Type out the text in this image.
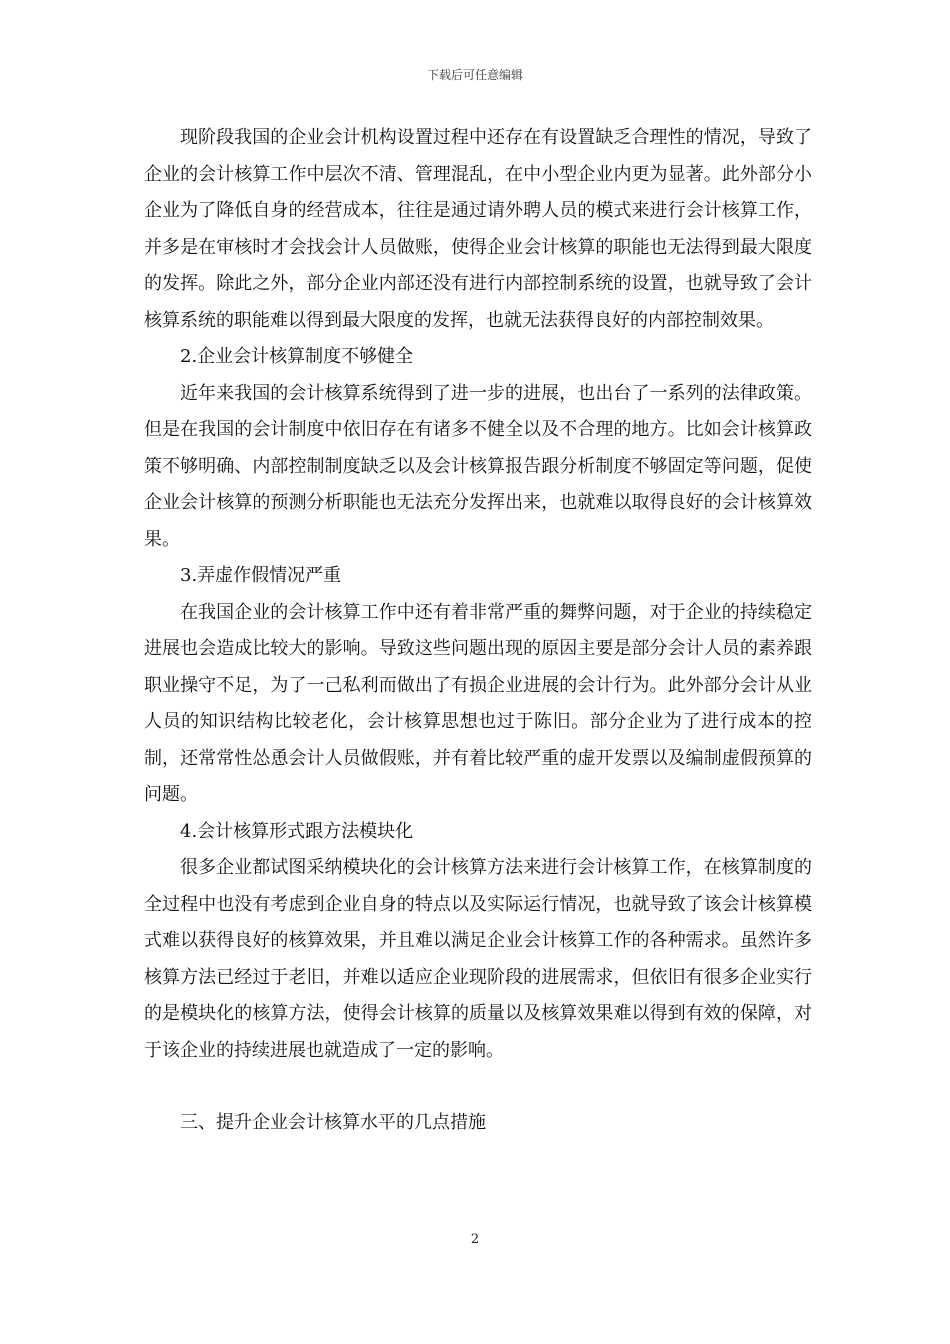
下载后可任意编辑

现阶段我国的企业会计机构设置过程中还存在有设置缺乏合理性的情况，导致了企业的会计核算工作中层次不清、管理混乱，在中小型企业内更为显著。此外部分小企业为了降低自身的经营成本，往往是通过请外聘人员的模式来进行会计核算工作，并多是在审核时才会找会计人员做账，使得企业会计核算的职能也无法得到最大限度的发挥。除此之外，部分企业内部还没有进行内部控制系统的设置，也就导致了会计核算系统的职能难以得到最大限度的发挥，也就无法获得良好的内部控制效果。

2.企业会计核算制度不够健全

近年来我国的会计核算系统得到了进一步的进展，也出台了一系列的法律政策。但是在我国的会计制度中依旧存在有诸多不健全以及不合理的地方。比如会计核算政策不够明确、内部控制制度缺乏以及会计核算报告跟分析制度不够固定等问题，促使企业会计核算的预测分析职能也无法充分发挥出来，也就难以取得良好的会计核算效果。

3.弄虚作假情况严重

在我国企业的会计核算工作中还有着非常严重的舞弊问题，对于企业的持续稳定进展也会造成比较大的影响。导致这些问题出现的原因主要是部分会计人员的素养跟职业操守不足，为了一己私利而做出了有损企业进展的会计行为。此外部分会计从业人员的知识结构比较老化，会计核算思想也过于陈旧。部分企业为了进行成本的控制，还常常性怂恿会计人员做假账，并有着比较严重的虚开发票以及编制虚假预算的问题。

4.会计核算形式跟方法模块化

很多企业都试图采纳模块化的会计核算方法来进行会计核算工作，在核算制度的全过程中也没有考虑到企业自身的特点以及实际运行情况，也就导致了该会计核算模式难以获得良好的核算效果，并且难以满足企业会计核算工作的各种需求。虽然许多核算方法已经过于老旧，并难以适应企业现阶段的进展需求，但依旧有很多企业实行的是模块化的核算方法，使得会计核算的质量以及核算效果难以得到有效的保障，对于该企业的持续进展也就造成了一定的影响。

三、提升企业会计核算水平的几点措施

2
